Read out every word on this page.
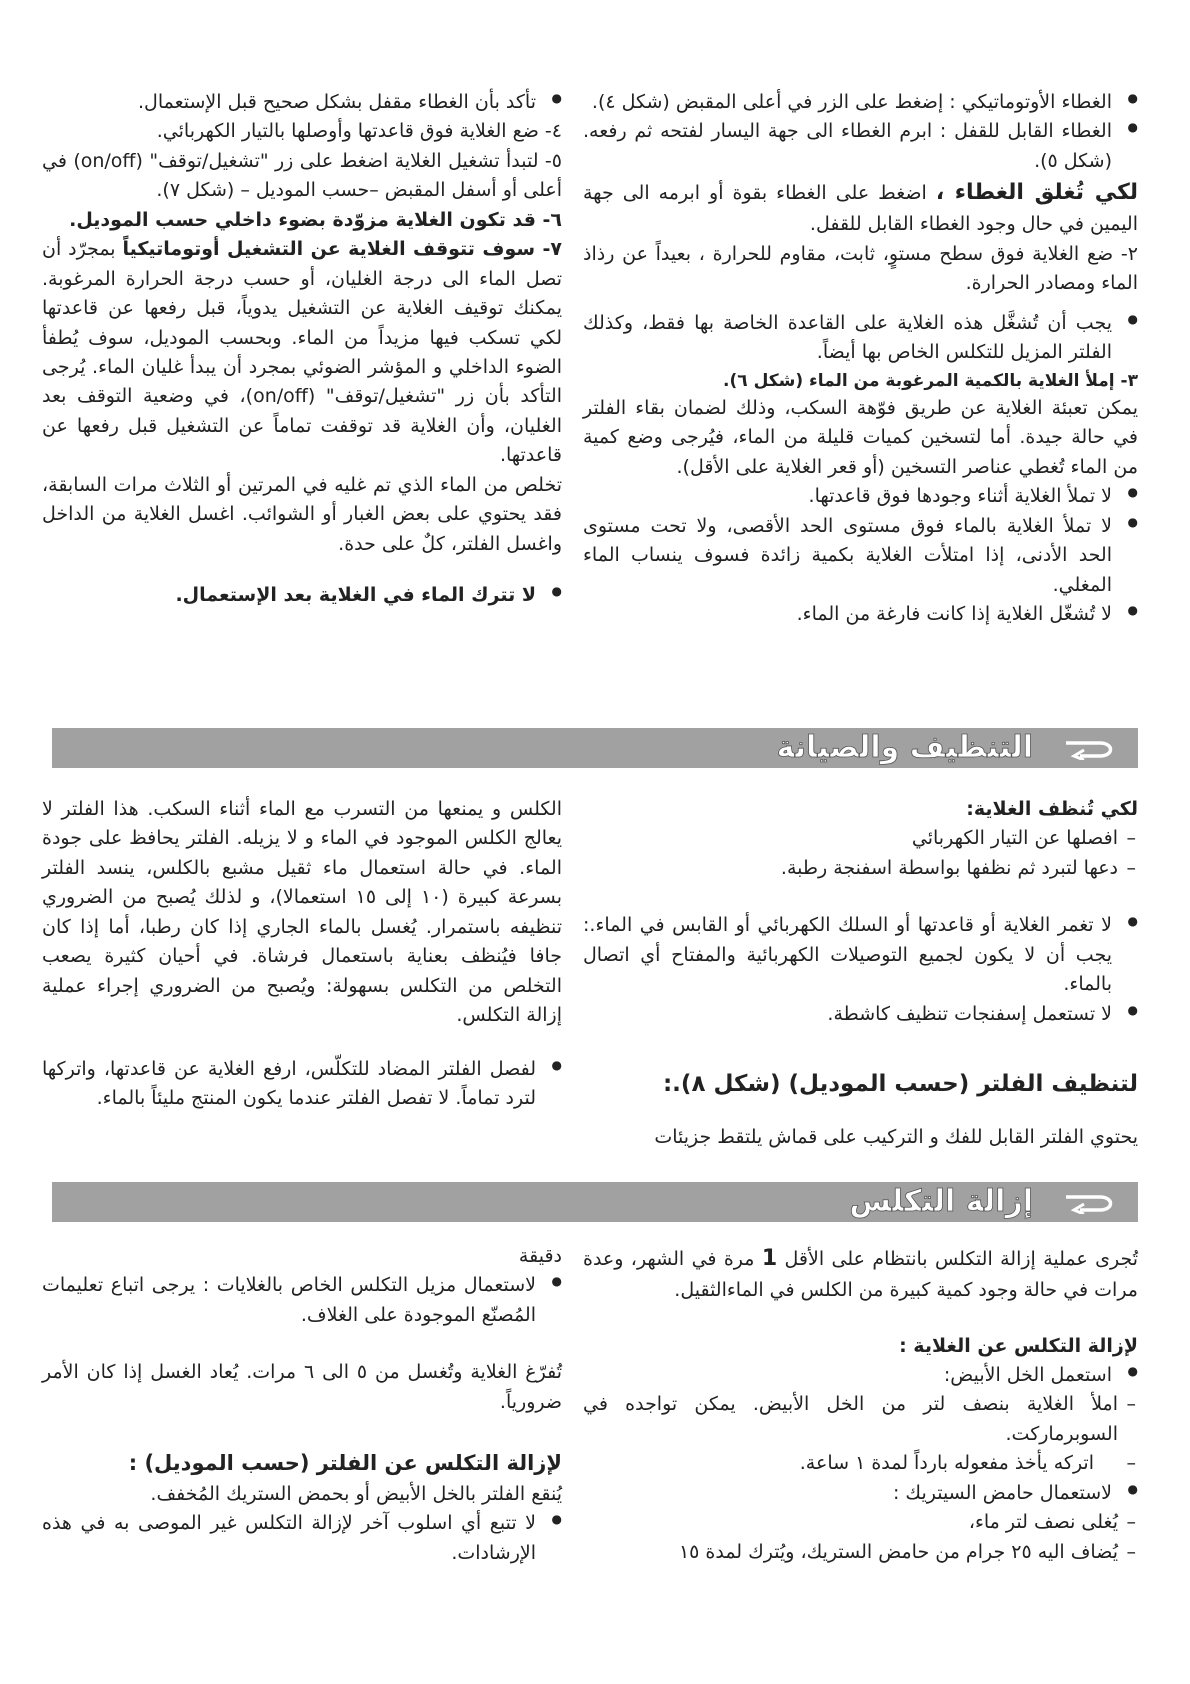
● الغطاء الأوتوماتيكي : إضغط على الزر في أعلى المقبض (شكل ٤).

● الغطاء القابل للقفل : ابرم الغطاء الى جهة اليسار لفتحه ثم رفعه. (شكل ٥).

لكي تُغلق الغطاء ، اضغط على الغطاء بقوة أو ابرمه الى جهة اليمين في حال وجود الغطاء القابل للقفل.

٢- ضع الغلاية فوق سطح مستوٍ، ثابت، مقاوم للحرارة ، بعيداً عن رذاذ الماء ومصادر الحرارة.

● يجب أن تُشغَّل هذه الغلاية على القاعدة الخاصة بها فقط، وكذلك الفلتر المزيل للتكلس الخاص بها أيضاً.

٣- إملأ الغلاية بالكمية المرغوبة من الماء (شكل ٦).

يمكن تعبئة الغلاية عن طريق فوّهة السكب، وذلك لضمان بقاء الفلتر في حالة جيدة. أما لتسخين كميات قليلة من الماء، فيُرجى وضع كمية من الماء تُغطي عناصر التسخين (أو قعر الغلاية على الأقل).

● لا تملأ الغلاية أثناء وجودها فوق قاعدتها.

● لا تملأ الغلاية بالماء فوق مستوى الحد الأقصى، ولا تحت مستوى الحد الأدنى، إذا امتلأت الغلاية بكمية زائدة فسوف ينساب الماء المغلي.

● لا تُشغّل الغلاية إذا كانت فارغة من الماء.

● تأكد بأن الغطاء مقفل بشكل صحيح قبل الإستعمال.

٤- ضع الغلاية فوق قاعدتها وأوصلها بالتيار الكهربائي.

٥- لتبدأ تشغيل الغلاية اضغط على زر "تشغيل/توقف" (on/off) في أعلى أو أسفل المقبض –حسب الموديل – (شكل ٧).

٦- قد تكون الغلاية مزوّدة بضوء داخلي حسب الموديل.

٧- سوف تتوقف الغلاية عن التشغيل أوتوماتيكياً بمجرّد أن تصل الماء الى درجة الغليان، أو حسب درجة الحرارة المرغوبة. يمكنك توقيف الغلاية عن التشغيل يدوياً، قبل رفعها عن قاعدتها لكي تسكب فيها مزيداً من الماء. وبحسب الموديل، سوف يُطفأ الضوء الداخلي و المؤشر الضوئي بمجرد أن يبدأ غليان الماء. يُرجى التأكد بأن زر "تشغيل/توقف" (on/off)، في وضعية التوقف بعد الغليان، وأن الغلاية قد توقفت تماماً عن التشغيل قبل رفعها عن قاعدتها.

تخلص من الماء الذي تم غليه في المرتين أو الثلاث مرات السابقة، فقد يحتوي على بعض الغبار أو الشوائب. اغسل الغلاية من الداخل واغسل الفلتر، كلٌ على حدة.

● لا تترك الماء في الغلاية بعد الإستعمال.

التنظيف والصيانة

لكي تُنظف الغلاية:

– افصلها عن التيار الكهربائي

– دعها لتبرد ثم نظفها بواسطة اسفنجة رطبة.

● لا تغمر الغلاية أو قاعدتها أو السلك الكهربائي أو القابس في الماء.: يجب أن لا يكون لجميع التوصيلات الكهربائية والمفتاح أي اتصال بالماء.

● لا تستعمل إسفنجات تنظيف كاشطة.

لتنظيف الفلتر (حسب الموديل) (شكل ٨).:

يحتوي الفلتر القابل للفك و التركيب على قماش يلتقط جزيئات

الكلس و يمنعها من التسرب مع الماء أثناء السكب. هذا الفلتر لا يعالج الكلس الموجود في الماء و لا يزيله. الفلتر يحافظ على جودة الماء. في حالة استعمال ماء ثقيل مشبع بالكلس، ينسد الفلتر بسرعة كبيرة (١٠ إلى ١٥ استعمالا)، و لذلك يُصبح من الضروري تنظيفه باستمرار. يُغسل بالماء الجاري إذا كان رطبا، أما إذا كان جافا فيُنظف بعناية باستعمال فرشاة. في أحيان كثيرة يصعب التخلص من التكلس بسهولة: ويُصبح من الضروري إجراء عملية إزالة التكلس.

● لفصل الفلتر المضاد للتكلّس، ارفع الغلاية عن قاعدتها، واتركها لترد تماماً. لا تفصل الفلتر عندما يكون المنتج مليئاً بالماء.

إزالة التكلس

تُجرى عملية إزالة التكلس بانتظام على الأقل 1 مرة في الشهر، وعدة مرات في حالة وجود كمية كبيرة من الكلس في الماءالثقيل.

لإزالة التكلس عن الغلاية :

● استعمل الخل الأبيض:

– املأ الغلاية بنصف لتر من الخل الأبيض. يمكن تواجده في السوبرماركت.

– اتركه يأخذ مفعوله بارداً لمدة ١ ساعة.

● لاستعمال حامض السيتريك :

– يُغلى نصف لتر ماء،

– يُضاف اليه ٢٥ جرام من حامض الستريك، ويُترك لمدة ١٥

دقيقة

● لاستعمال مزيل التكلس الخاص بالغلايات : يرجى اتباع تعليمات المُصنّع الموجودة على الغلاف.

تُفرّغ الغلاية وتُغسل من ٥ الى ٦ مرات. يُعاد الغسل إذا كان الأمر ضرورياً.

لإزالة التكلس عن الفلتر (حسب الموديل) :

يُنقع الفلتر بالخل الأبيض أو بحمض الستريك المُخفف.

● لا تتبع أي اسلوب آخر لإزالة التكلس غير الموصى به في هذه الإرشادات.
